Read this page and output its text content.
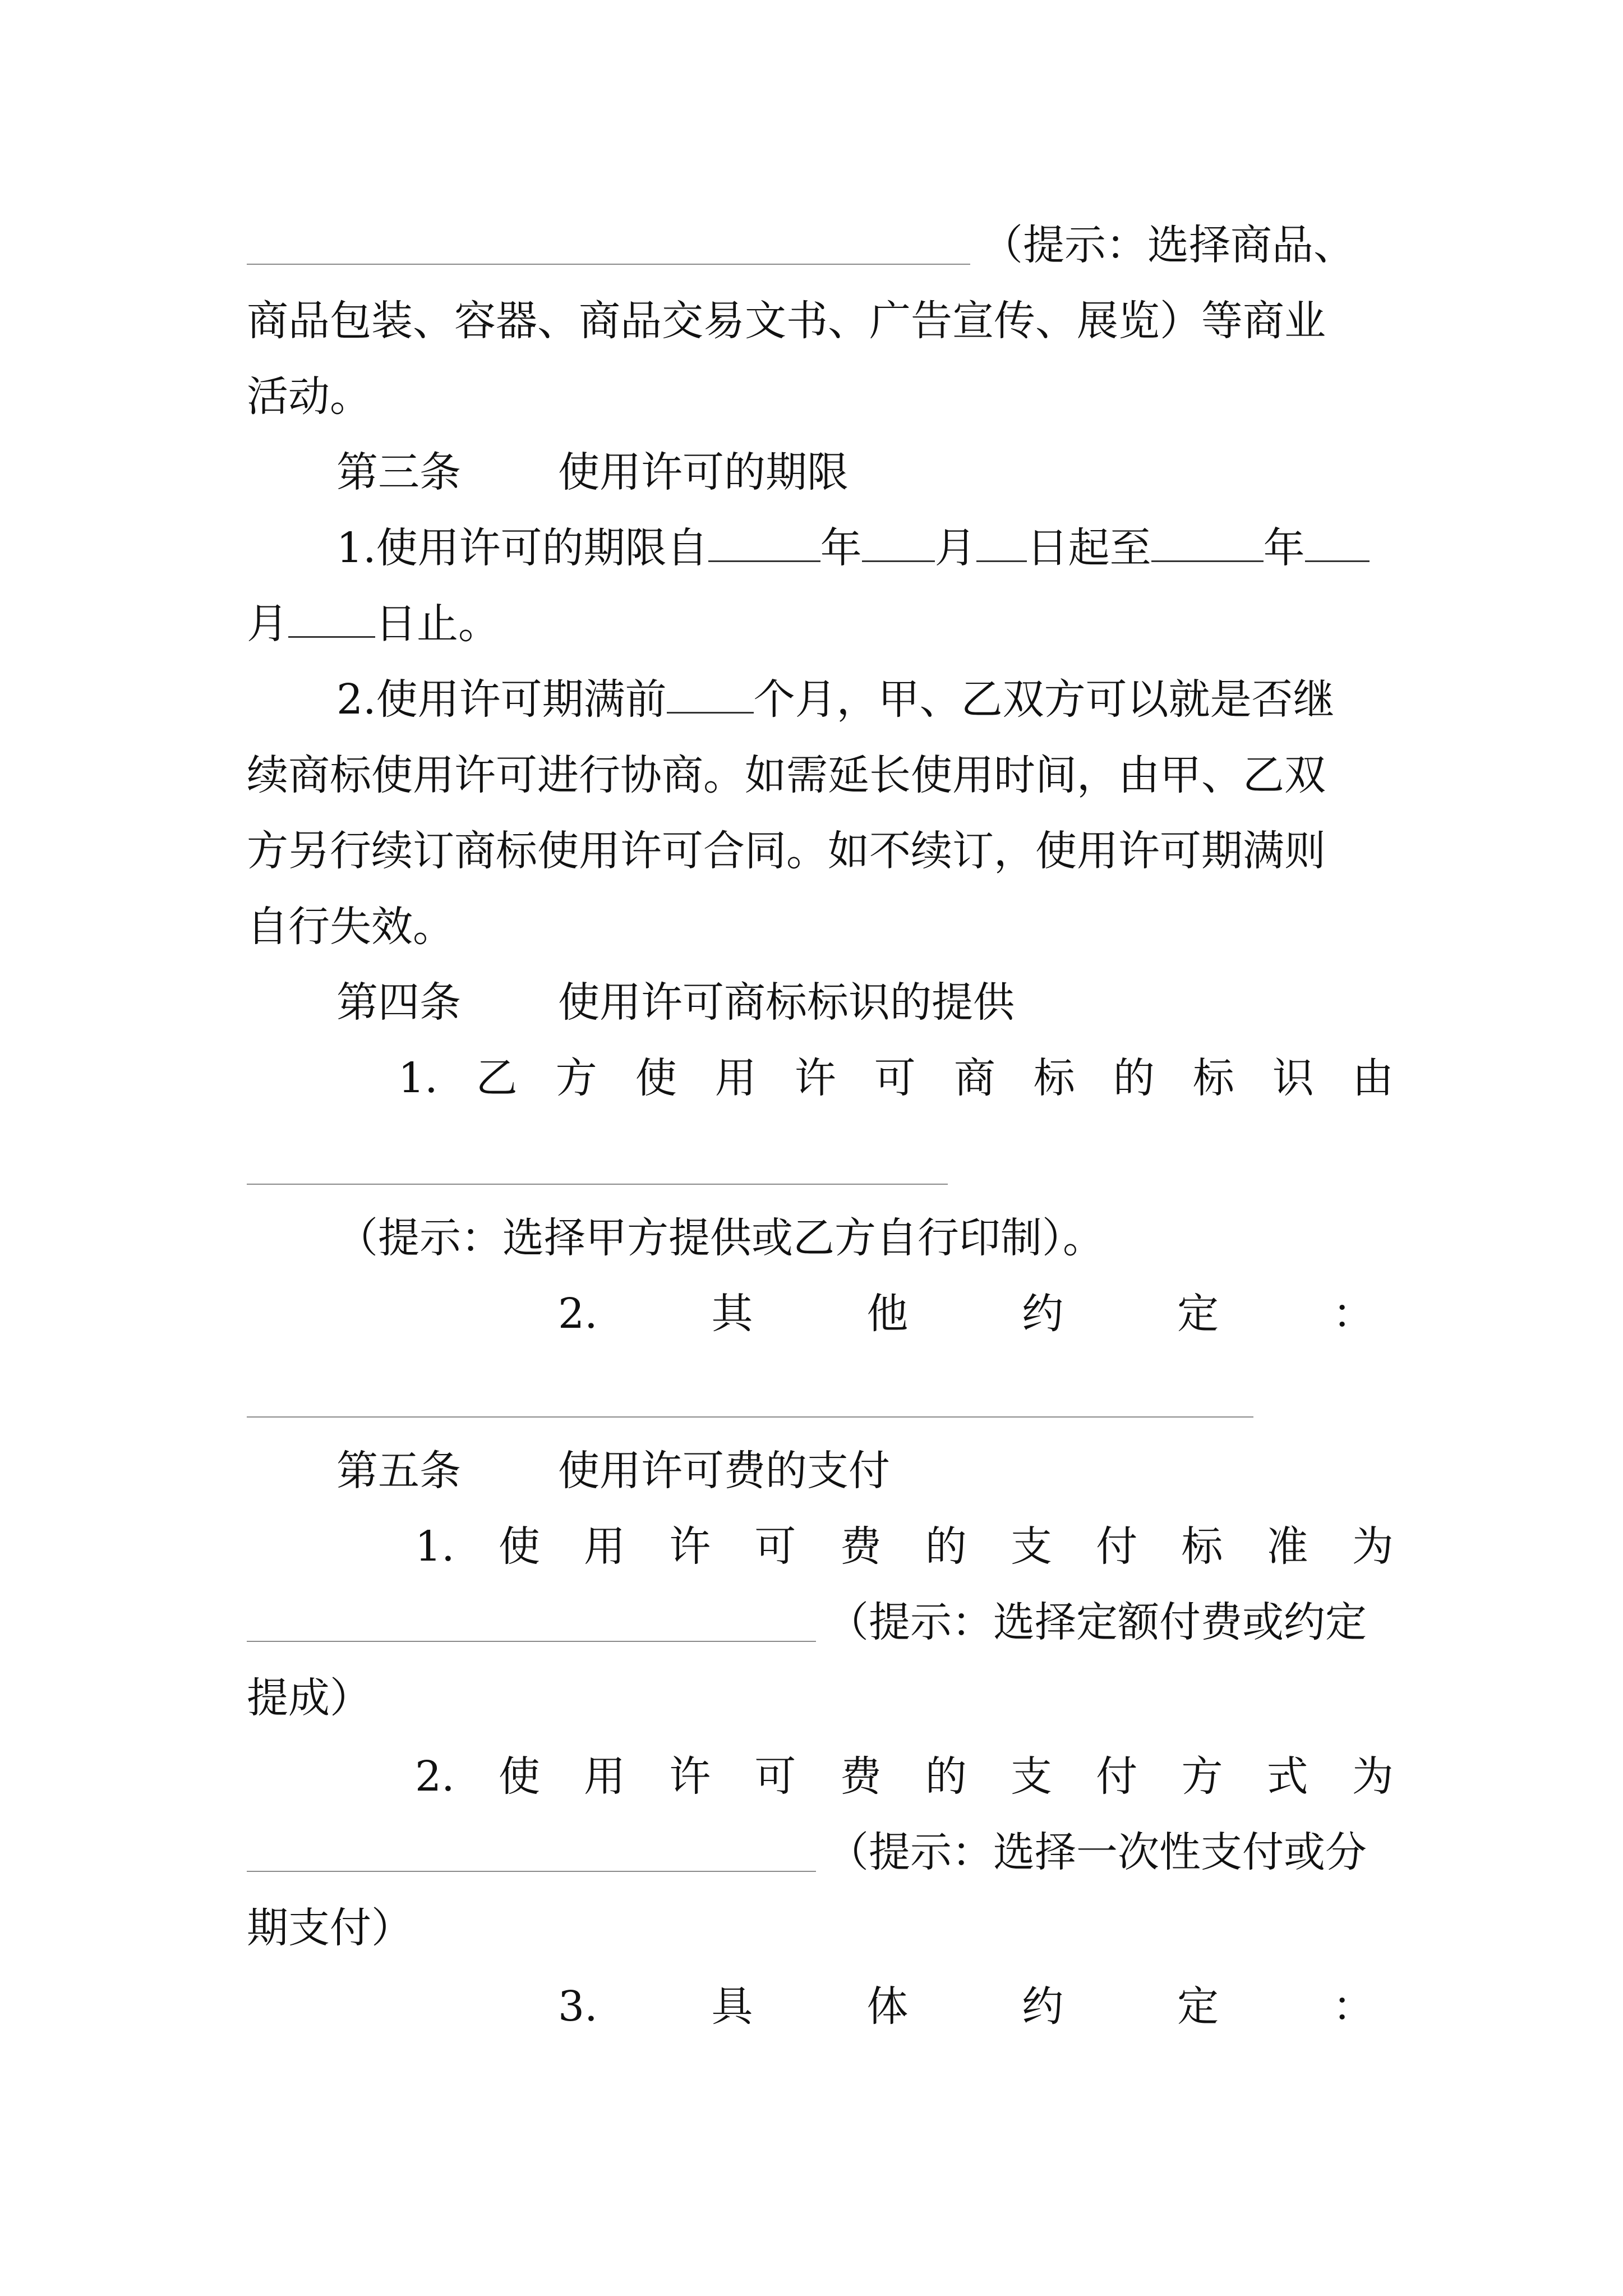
（提示：选择商品、
商品包装、容器、商品交易文书、广告宣传、展览）等商业
活动。
第三条 使用许可的期限
1.使用许可的期限自	年 月 日起至	年
月 日止。
2.使用许可期满前 个月，甲、乙双方可以就是否继
续商标使用许可进行协商。如需延长使用时间，由甲、乙双
方另行续订商标使用许可合同。如不续订，使用许可期满则
自行失效。
第四条 使用许可商标标识的提供
1. 乙 方 使 用 许 可 商 标 的 标 识 由
（提示：选择甲方提供或乙方自行印制）。
2.	其	他	约	定	：
第五条 使用许可费的支付
1. 使 用 许 可 费 的 支 付 标 准 为
（提示：选择定额付费或约定
提成）
2. 使 用 许 可 费 的 支 付 方 式 为
（提示：选择一次性支付或分
期支付）
3.	具	体	约	定	：
